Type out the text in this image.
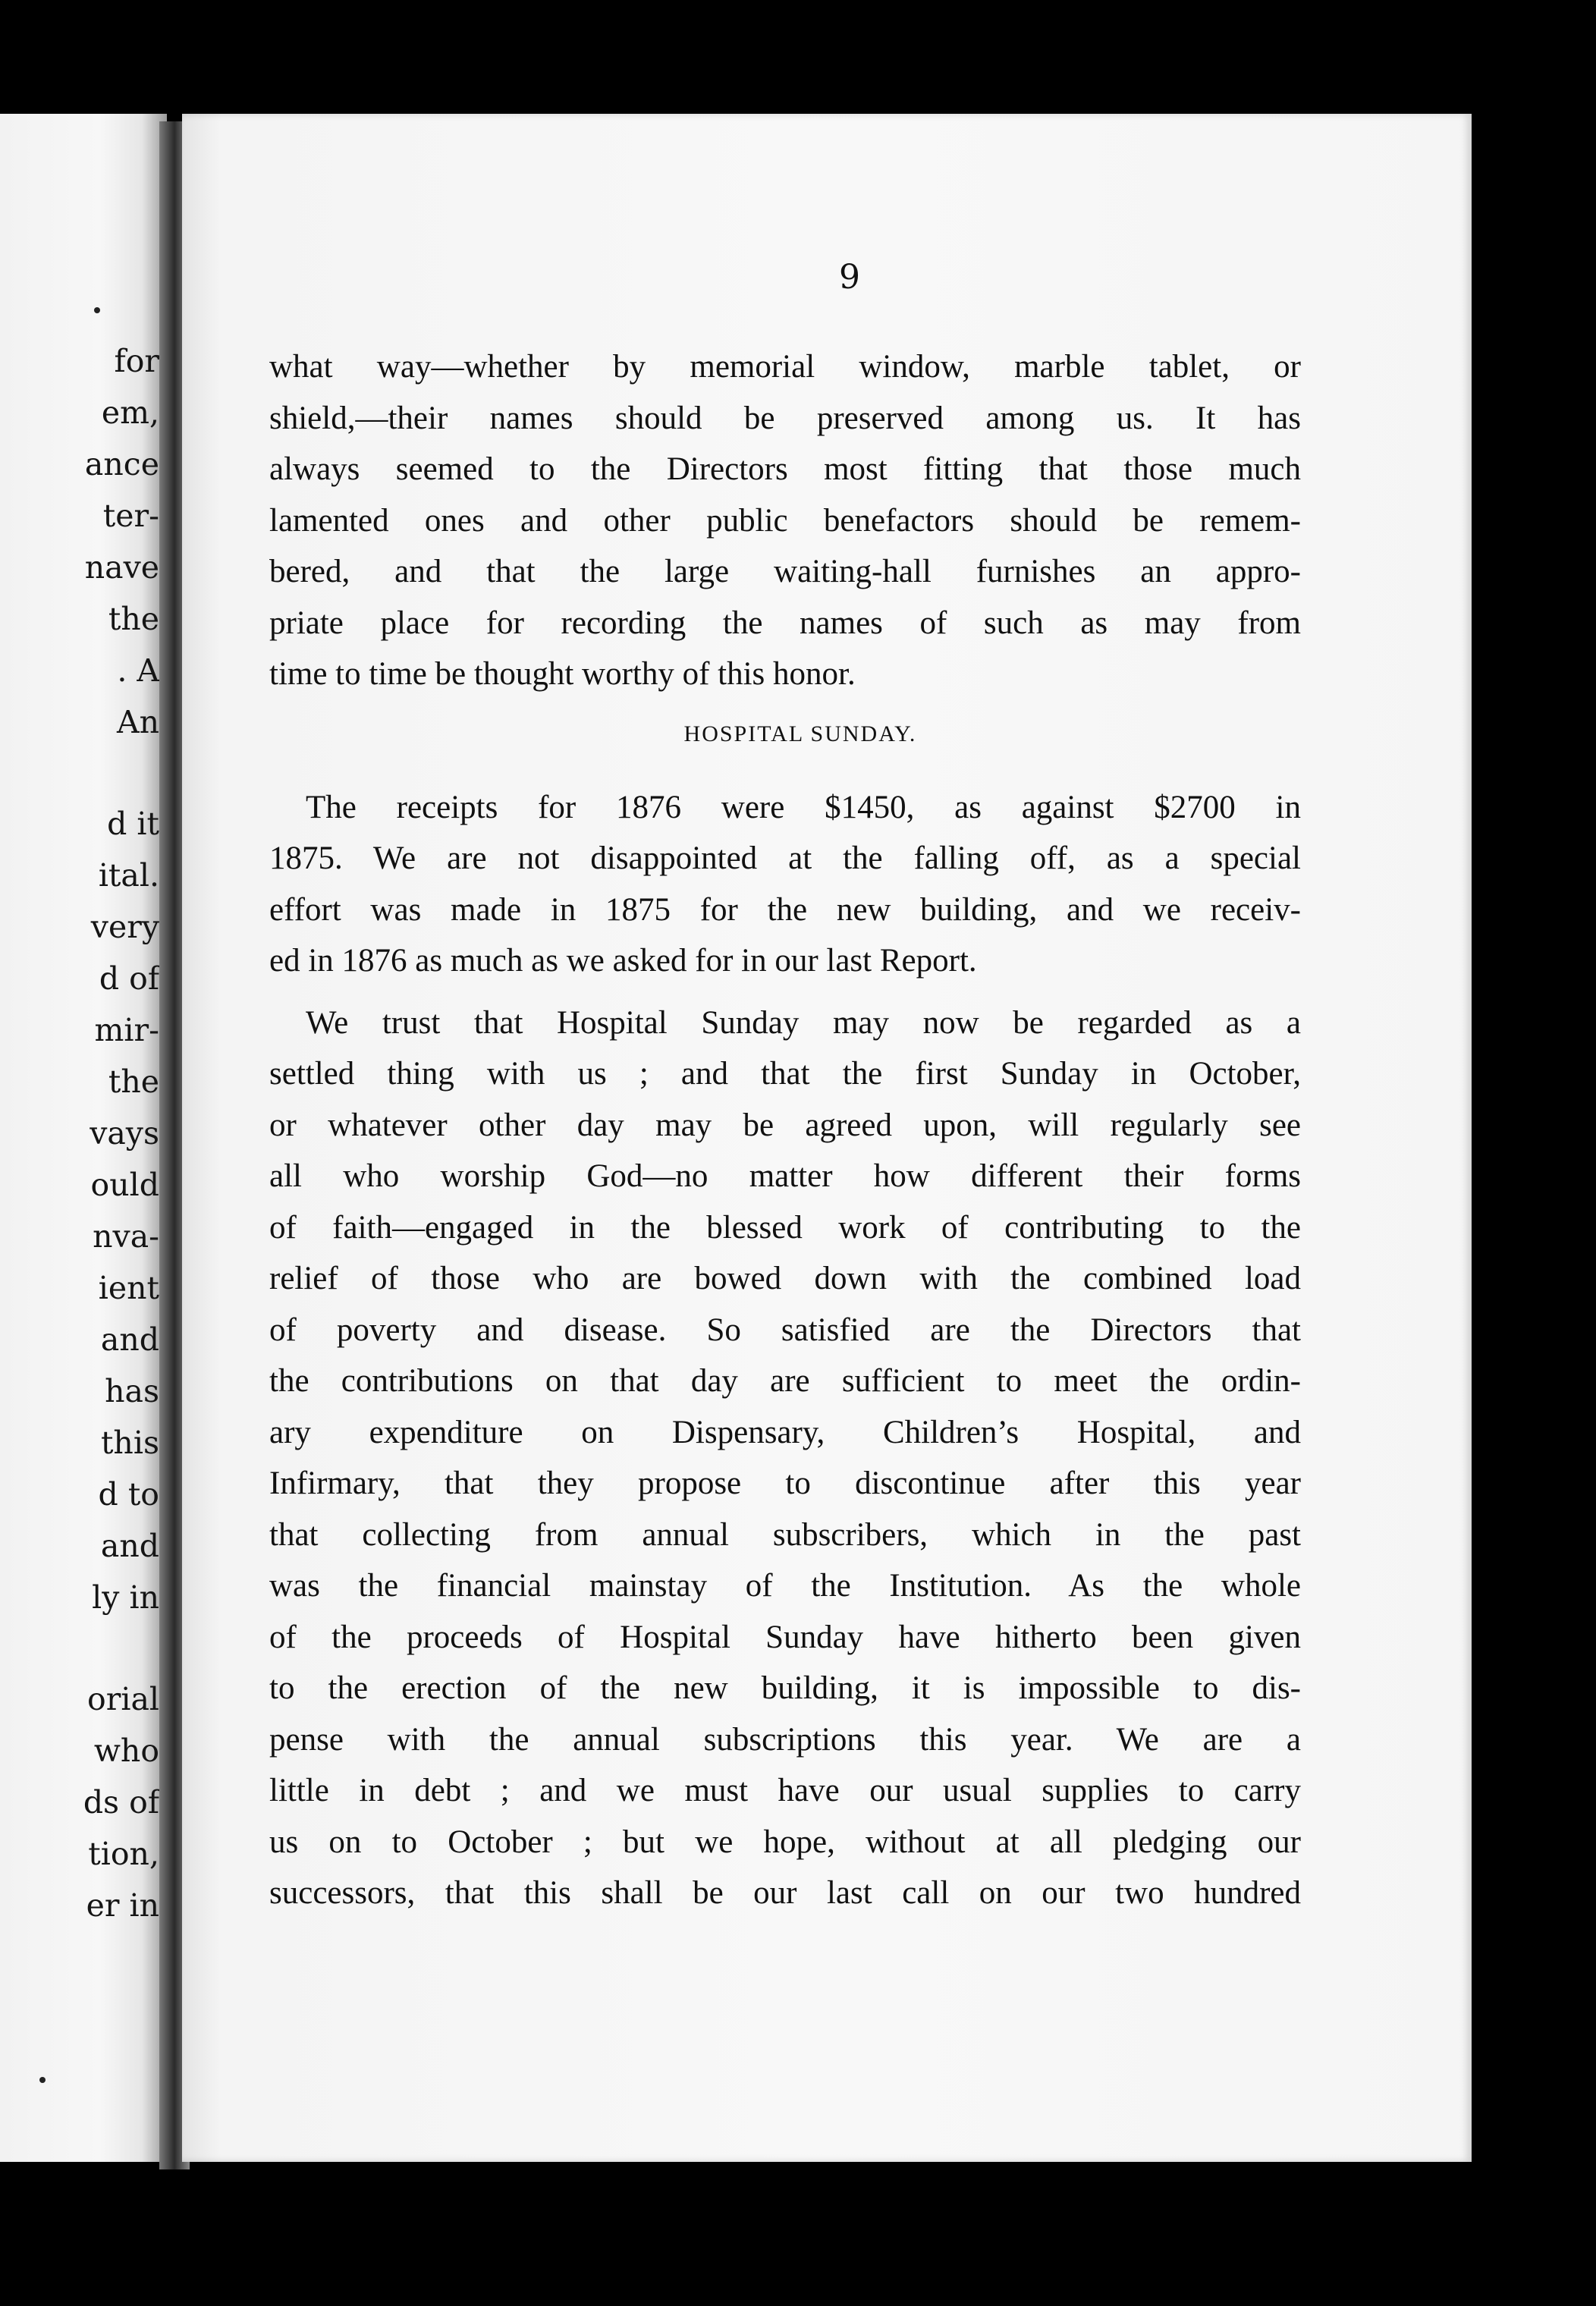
for
em,
ance
ter-
nave
the
. A
An
d it
ital.
very
d of
mir-
the
vays
ould
nva-
ient
and
has
this
d to
and
ly in
orial
who
ds of
tion,
er in
9

what way—whether by memorial window, marble tablet, or
shield,—their names should be preserved among us. It has
always seemed to the Directors most fitting that those much
lamented ones and other public benefactors should be remem-
bered, and that the large waiting-hall furnishes an appro-
priate place for recording the names of such as may from
time to time be thought worthy of this honor.

HOSPITAL SUNDAY.

The receipts for 1876 were $1450, as against $2700 in
1875. We are not disappointed at the falling off, as a special
effort was made in 1875 for the new building, and we receiv-
ed in 1876 as much as we asked for in our last Report.

We trust that Hospital Sunday may now be regarded as a
settled thing with us ; and that the first Sunday in October,
or whatever other day may be agreed upon, will regularly see
all who worship God—no matter how different their forms
of faith—engaged in the blessed work of contributing to the
relief of those who are bowed down with the combined load
of poverty and disease. So satisfied are the Directors that
the contributions on that day are sufficient to meet the ordin-
ary expenditure on Dispensary, Children’s Hospital, and
Infirmary, that they propose to discontinue after this year
that collecting from annual subscribers, which in the past
was the financial mainstay of the Institution. As the whole
of the proceeds of Hospital Sunday have hitherto been given
to the erection of the new building, it is impossible to dis-
pense with the annual subscriptions this year. We are a
little in debt ; and we must have our usual supplies to carry
us on to October ; but we hope, without at all pledging our
successors, that this shall be our last call on our two hundred
